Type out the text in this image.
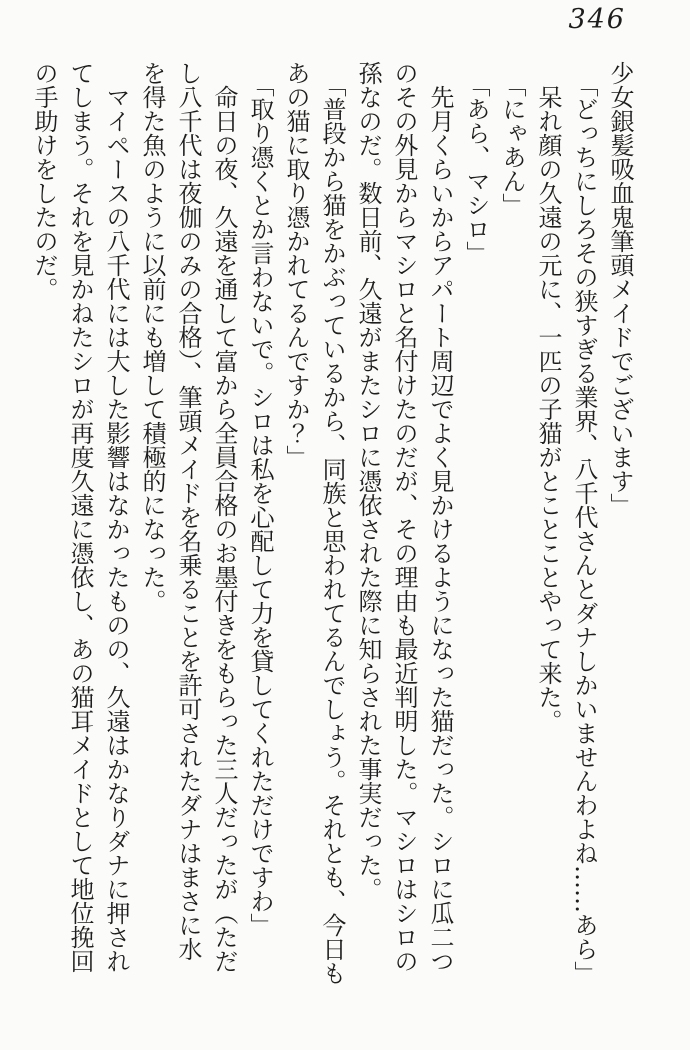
346

少女銀髪吸血鬼筆頭メイドでございます」

　「どっちにしろその狭すぎる業界、八千代さんとダナしかいませんわよね……あら」

　呆れ顔の久遠の元に、一匹の子猫がとことことやって来た。

　「にゃあん」

　「あら、マシロ」

　先月くらいからアパート周辺でよく見かけるようになった猫だった。シロに瓜二つ

のその外見からマシロと名付けたのだが、その理由も最近判明した。マシロはシロの

孫なのだ。数日前、久遠がまたシロに憑依された際に知らされた事実だった。

　「普段から猫をかぶっているから、同族と思われてるんでしょう。それとも、今日も

あの猫に取り憑かれてるんですか？」

　「取り憑くとか言わないで。シロは私を心配して力を貸してくれただけですわ」

　命日の夜、久遠を通して富から全員合格のお墨付きをもらった三人だったが（ただ

し八千代は夜伽のみの合格）、筆頭メイドを名乗ることを許可されたダナはまさに水

を得た魚のように以前にも増して積極的になった。

　マイペースの八千代には大した影響はなかったものの、久遠はかなりダナに押され

てしまう。それを見かねたシロが再度久遠に憑依し、あの猫耳メイドとして地位挽回

の手助けをしたのだ。
